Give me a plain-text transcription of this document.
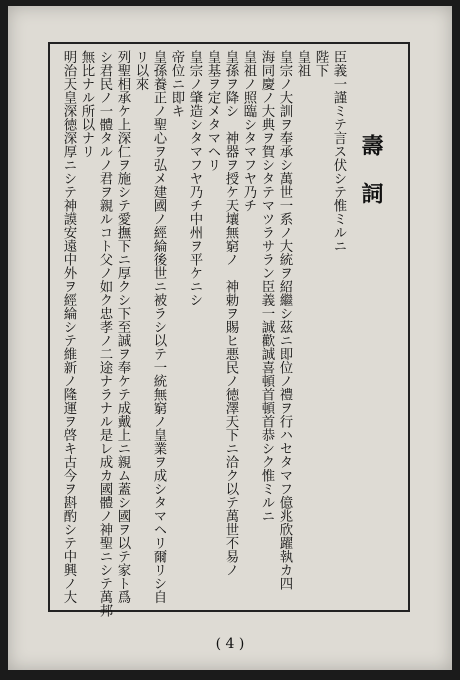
壽詞
臣義一謹ミテ言ス伏シテ惟ミルニ
陛下
皇祖
皇宗ノ大訓ヲ奉承シ萬世一系ノ大統ヲ紹繼シ茲ニ即位ノ禮ヲ行ハセタマフ億兆欣躍執カ四
海同慶ノ大典ヲ賀シタテマツラサラン臣義一誠歡誠喜頓首頓首恭シク惟ミルニ
皇祖ノ照臨シタマフヤ乃チ
皇孫ヲ降シ　神器ヲ授ケ天壤無窮ノ　神勅ヲ賜ヒ悪民ノ徳澤天下ニ洽ク以テ萬世不易ノ
皇基ヲ定メタマヘリ
皇宗ノ肇造シタマフヤ乃チ中州ヲ平ケニシ
帝位ニ即キ
皇孫養正ノ聖心ヲ弘メ建國ノ經綸後世ニ被ラシ以テ一統無窮ノ皇業ヲ成シタマヘリ爾リシ自
リ以來
列聖相承ケ上深仁ヲ施シテ愛撫下ニ厚クシ下至誠ヲ奉ケテ成戴上ニ親ム蓋シ國ヲ以テ家ト爲
シ君民ノ一體タルノ君ヲ親ルコト父ノ如ク忠孝ノ二途ナラナル是レ成カ國體ノ神聖ニシテ萬邦
無比ナル所以ナリ
明治天皇深徳深厚ニシテ神謨安遠中外ヲ經綸シテ維新ノ隆運ヲ啓キ古今ヲ斟酌シテ中興ノ大
( 4 )
